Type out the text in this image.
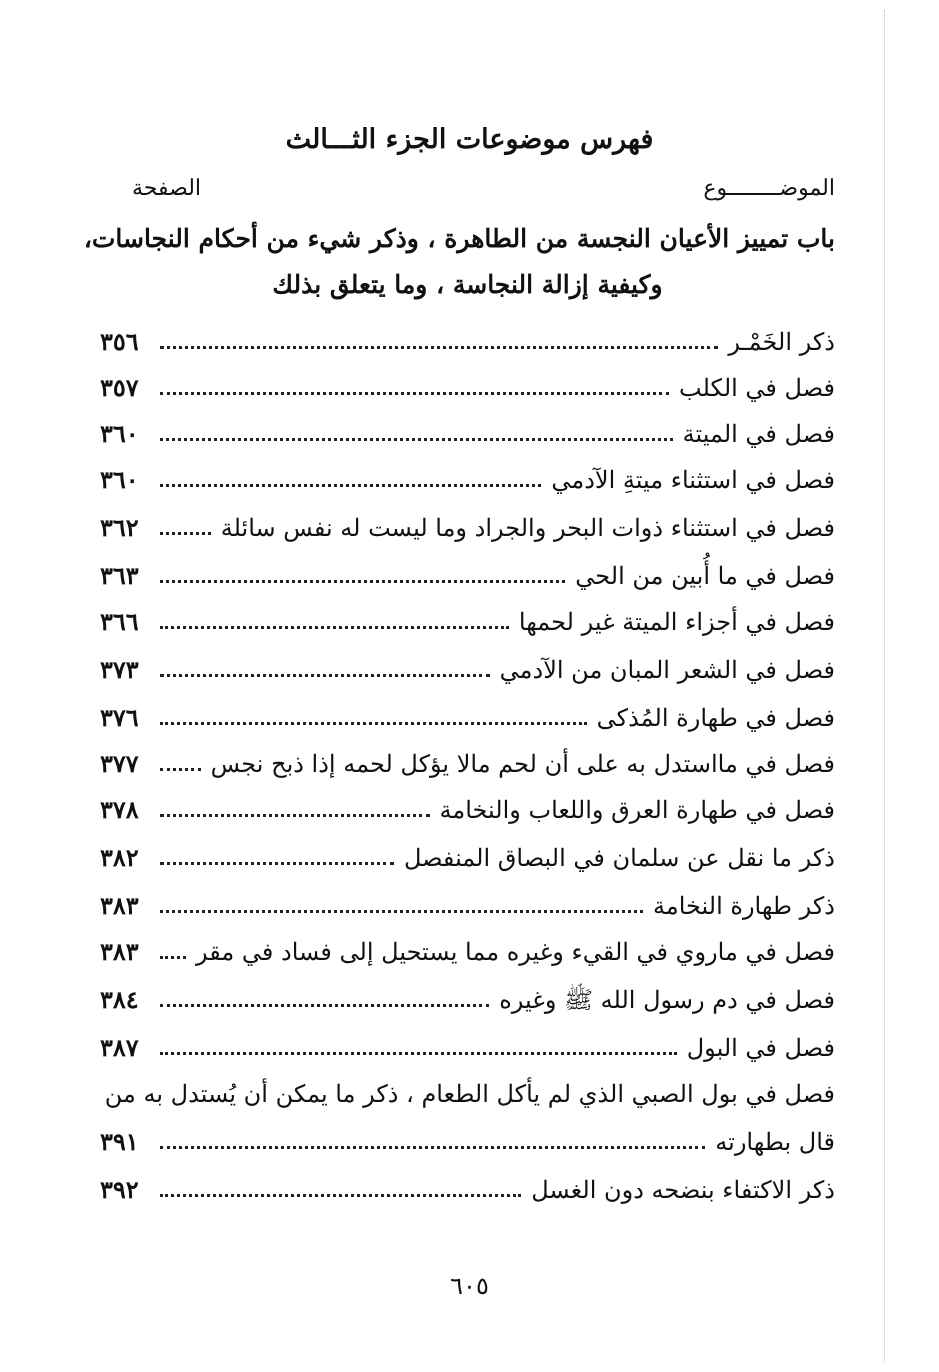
فهرس موضوعات الجزء الثـــالث
الموضــــــــوع
الصفحة
باب تمييز الأعيان النجسة من الطاهرة ، وذكر شيء من أحكام النجاسات،
وكيفية إزالة النجاسة ، وما يتعلق بذلك
ذكر الخَمْـر
٣٥٦
فصل في الكلب
٣٥٧
فصل في الميتة
٣٦٠
فصل في استثناء ميتةِ الآدمي
٣٦٠
فصل في استثناء ذوات البحر والجراد وما ليست له نفس سائلة
٣٦٢
فصل في ما أُبين من الحي
٣٦٣
فصل في أجزاء الميتة غير لحمها
٣٦٦
فصل في الشعر المبان من الآدمي
٣٧٣
فصل في طهارة المُذكى
٣٧٦
فصل في مااستدل به على أن لحم مالا يؤكل لحمه إذا ذبح نجس
٣٧٧
فصل في طهارة العرق واللعاب والنخامة
٣٧٨
ذكر ما نقل عن سلمان في البصاق المنفصل
٣٨٢
ذكر طهارة النخامة
٣٨٣
فصل في ماروي في القيء وغيره مما يستحيل إلى فساد في مقر
٣٨٣
فصل في دم رسول الله ﷺ وغيره
٣٨٤
فصل في البول
٣٨٧
فصل في بول الصبي الذي لم يأكل الطعام ، ذكر ما يمكن أن يُستدل به من
قال بطهارته
٣٩١
ذكر الاكتفاء بنضحه دون الغسل
٣٩٢
٦٠٥
